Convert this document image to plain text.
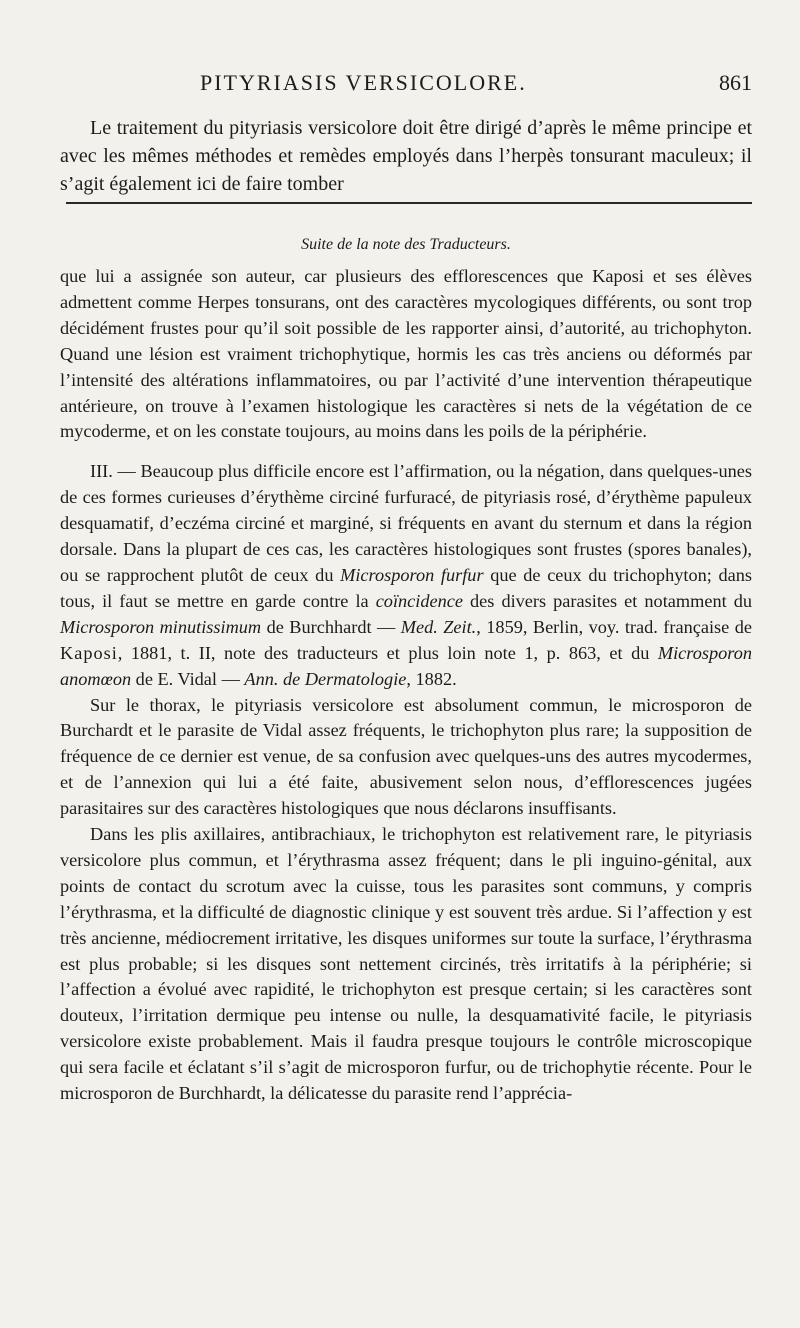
PITYRIASIS VERSICOLORE.	861

Le traitement du pityriasis versicolore doit être dirigé d’après le même principe et avec les mêmes méthodes et remèdes employés dans l’herpès tonsurant maculeux; il s’agit également ici de faire tomber

Suite de la note des Traducteurs.

que lui a assignée son auteur, car plusieurs des efflorescences que Kaposi et ses élèves admettent comme Herpes tonsurans, ont des caractères mycologiques différents, ou sont trop décidément frustes pour qu’il soit possible de les rapporter ainsi, d’autorité, au trichophyton. Quand une lésion est vraiment trichophytique, hormis les cas très anciens ou déformés par l’intensité des altérations inflammatoires, ou par l’activité d’une intervention thérapeutique antérieure, on trouve à l’examen histologique les caractères si nets de la végétation de ce mycoderme, et on les constate toujours, au moins dans les poils de la périphérie.

III. — Beaucoup plus difficile encore est l’affirmation, ou la négation, dans quelques-unes de ces formes curieuses d’érythème circiné furfuracé, de pityriasis rosé, d’érythème papuleux desquamatif, d’eczéma circiné et marginé, si fréquents en avant du sternum et dans la région dorsale. Dans la plupart de ces cas, les caractères histologiques sont frustes (spores banales), ou se rapprochent plutôt de ceux du Microsporon furfur que de ceux du trichophyton; dans tous, il faut se mettre en garde contre la coïncidence des divers parasites et notamment du Microsporon minutissimum de Burchhardt — Med. Zeit., 1859, Berlin, voy. trad. française de Kaposi, 1881, t. II, note des traducteurs et plus loin note 1, p. 863, et du Microsporon anomœon de E. Vidal — Ann. de Dermatologie, 1882.

Sur le thorax, le pityriasis versicolore est absolument commun, le microsporon de Burchardt et le parasite de Vidal assez fréquents, le trichophyton plus rare; la supposition de fréquence de ce dernier est venue, de sa confusion avec quelques-uns des autres mycodermes, et de l’annexion qui lui a été faite, abusivement selon nous, d’efflorescences jugées parasitaires sur des caractères histologiques que nous déclarons insuffisants.

Dans les plis axillaires, antibrachiaux, le trichophyton est relativement rare, le pityriasis versicolore plus commun, et l’érythrasma assez fréquent; dans le pli inguino-génital, aux points de contact du scrotum avec la cuisse, tous les parasites sont communs, y compris l’érythrasma, et la difficulté de diagnostic clinique y est souvent très ardue. Si l’affection y est très ancienne, médiocrement irritative, les disques uniformes sur toute la surface, l’érythrasma est plus probable; si les disques sont nettement circinés, très irritatifs à la périphérie; si l’affection a évolué avec rapidité, le trichophyton est presque certain; si les caractères sont douteux, l’irritation dermique peu intense ou nulle, la desquamativité facile, le pityriasis versicolore existe probablement. Mais il faudra presque toujours le contrôle microscopique qui sera facile et éclatant s’il s’agit de microsporon furfur, ou de trichophytie récente. Pour le microsporon de Burchhardt, la délicatesse du parasite rend l’apprécia-
